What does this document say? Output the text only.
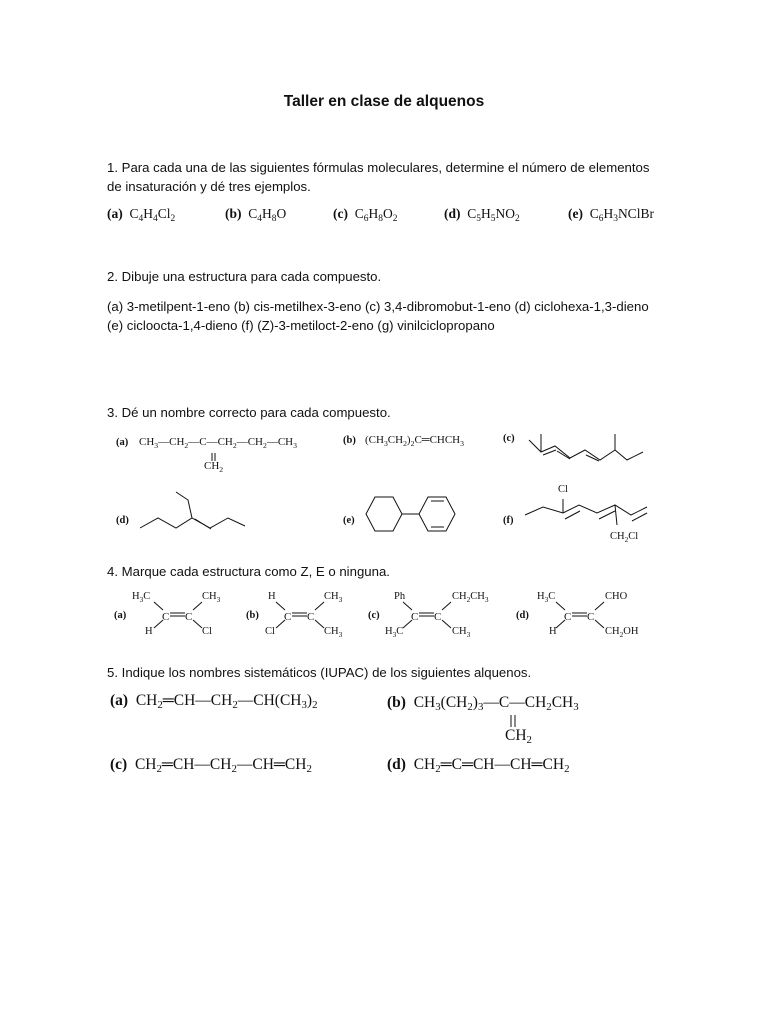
Taller en clase de alquenos
1. Para cada una de las siguientes fórmulas moleculares, determine el número de elementos de insaturación y dé tres ejemplos.
(a) $C_4H_4Cl_2$	(b) $C_4H_8O$	(c) $C_6H_8O_2$	(d) $C_5H_5NO_2$	(e) $C_6H_3NClBr$
2. Dibuje una estructura para cada compuesto.
(a) 3-metilpent-1-eno (b) cis-metilhex-3-eno (c) 3,4-dibromobut-1-eno (d) ciclohexa-1,3-dieno (e) cicloocta-1,4-dieno (f) (Z)-3-metiloct-2-eno (g) vinilciclopropano
3. Dé un nombre correcto para cada compuesto.
(a) $CH_3—CH_2—C—CH_2—CH_2—CH_3$
$CH_2$
(b) $(CH_3CH_2)_2C═CHCH_3$	(c)
(d)	(e)	(f)
Cl
$CH_2Cl$
4. Marque cada estructura como Z, E o ninguna.
(a)
$H_3C$	$CH_3$
H	Cl
C C	(b)
H	$CH_3$
Cl	$CH_3$
C C	(c)
Ph	$CH_2CH_3$
$H_3C$	$CH_3$
C C	(d)
$H_3C$	CHO
H	$CH_2OH$
C C
5. Indique los nombres sistemáticos (IUPAC) de los siguientes alquenos.
(a) $CH_2═CH—CH_2—CH(CH_3)_2$	(b) $CH_3(CH_2)_3—C—CH_2CH_3$
$CH_2$
(c) $CH_2═CH—CH_2—CH═CH_2$	(d) $CH_2═C═CH—CH═CH_2$
